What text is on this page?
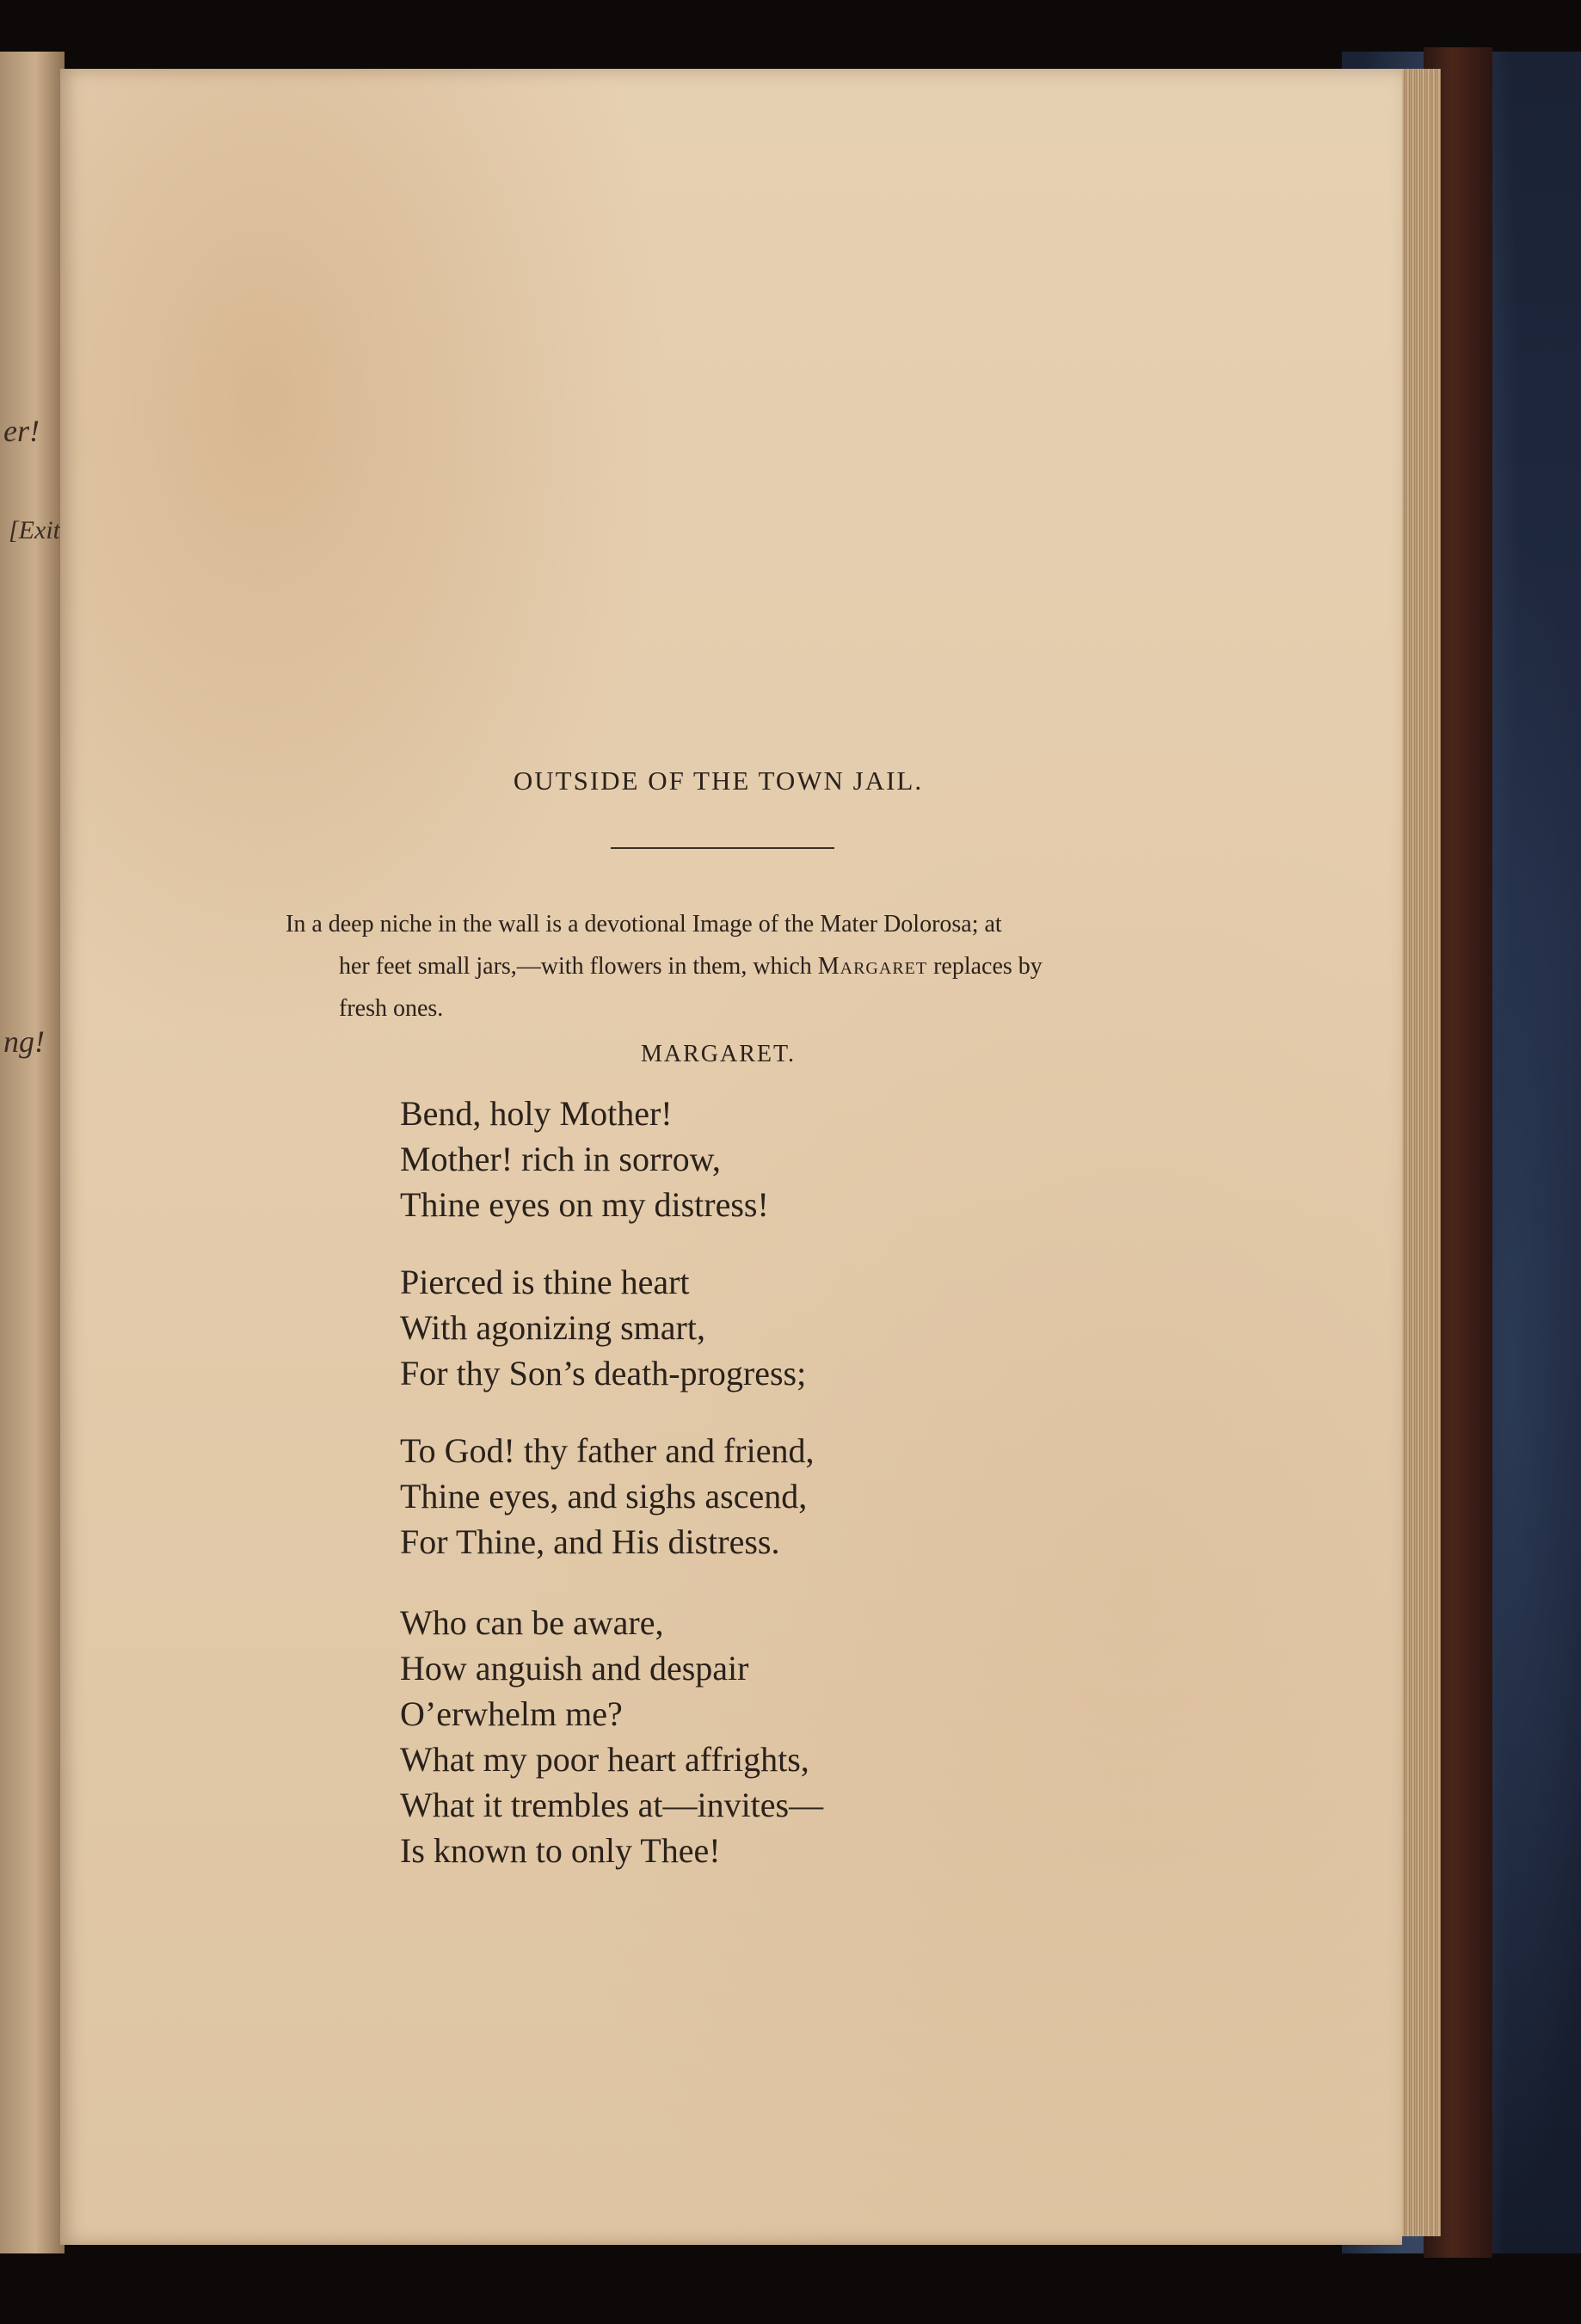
er!
[Exit
ng!
OUTSIDE OF THE TOWN JAIL.

In a deep niche in the wall is a devotional Image of the Mater Dolorosa; at
her feet small jars,—with flowers in them, which Margaret replaces by
fresh ones.

MARGARET.

Bend, holy Mother!
Mother! rich in sorrow,
Thine eyes on my distress!

Pierced is thine heart
With agonizing smart,
For thy Son’s death-progress;

To God! thy father and friend,
Thine eyes, and sighs ascend,
For Thine, and His distress.

Who can be aware,
How anguish and despair
O’erwhelm me?
What my poor heart affrights,
What it trembles at—invites—
Is known to only Thee!
